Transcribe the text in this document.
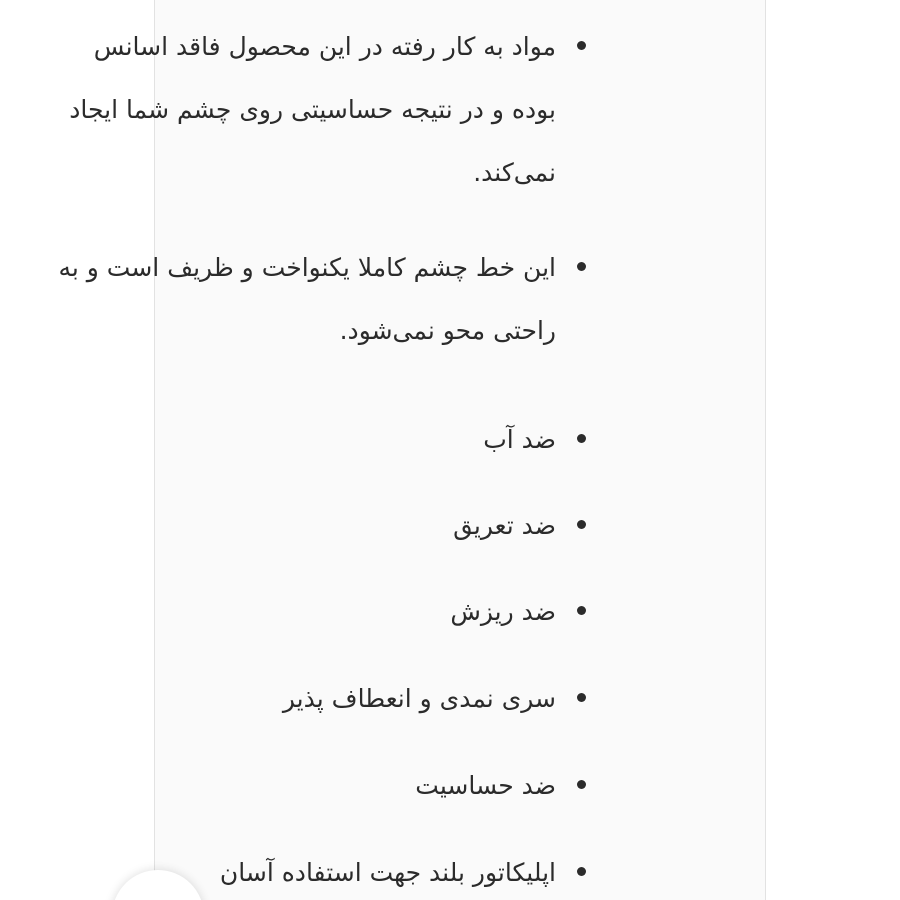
مواد به کار رفته در این محصول فاقد اسانس بوده و در نتیجه حساسیتی روی چشم شما ایجاد نمی‌کند.
این خط چشم کاملا یکنواخت و ظریف است و به راحتی محو نمی‌شود.
ضد آب
ضد تعریق
ضد ریزش
سری نمدی و انعطاف پذیر
ضد حساسیت
اپلیکاتور بلند جهت استفاده آسان
